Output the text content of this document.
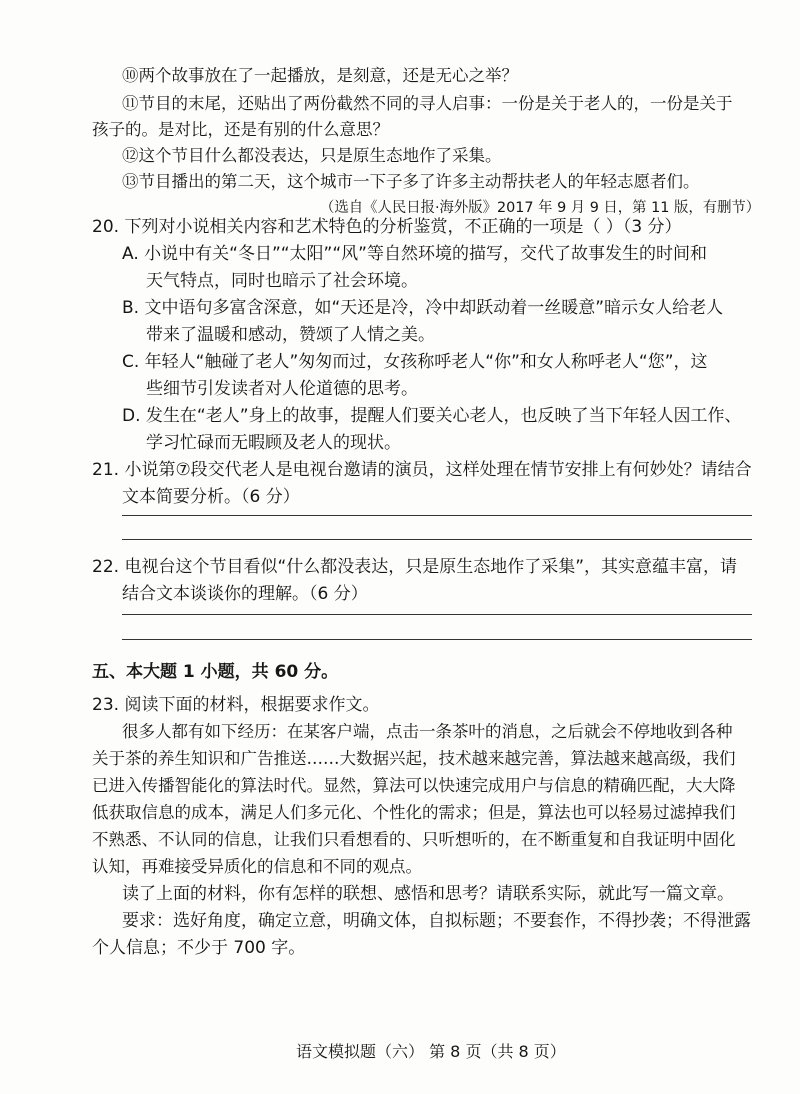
⑩两个故事放在了一起播放，是刻意，还是无心之举？
⑪节目的末尾，还贴出了两份截然不同的寻人启事：一份是关于老人的，一份是关于
孩子的。是对比，还是有别的什么意思？
⑫这个节目什么都没表达，只是原生态地作了采集。
⑬节目播出的第二天，这个城市一下子多了许多主动帮扶老人的年轻志愿者们。
（选自《人民日报·海外版》2017 年 9 月 9 日，第 11 版，有删节）
20. 下列对小说相关内容和艺术特色的分析鉴赏，不正确的一项是（ ）（3 分）
A. 小说中有关“冬日”“太阳”“风”等自然环境的描写，交代了故事发生的时间和
天气特点，同时也暗示了社会环境。
B. 文中语句多富含深意，如“天还是冷，冷中却跃动着一丝暖意”暗示女人给老人
带来了温暖和感动，赞颂了人情之美。
C. 年轻人“触碰了老人”匆匆而过，女孩称呼老人“你”和女人称呼老人“您”，这
些细节引发读者对人伦道德的思考。
D. 发生在“老人”身上的故事，提醒人们要关心老人，也反映了当下年轻人因工作、
学习忙碌而无暇顾及老人的现状。
21. 小说第⑦段交代老人是电视台邀请的演员，这样处理在情节安排上有何妙处？请结合
文本简要分析。（6 分）
22. 电视台这个节目看似“什么都没表达，只是原生态地作了采集”，其实意蕴丰富，请
结合文本谈谈你的理解。（6 分）
五、本大题 1 小题，共 60 分。
23. 阅读下面的材料，根据要求作文。
很多人都有如下经历：在某客户端，点击一条茶叶的消息，之后就会不停地收到各种
关于茶的养生知识和广告推送……大数据兴起，技术越来越完善，算法越来越高级，我们
已进入传播智能化的算法时代。显然，算法可以快速完成用户与信息的精确匹配，大大降
低获取信息的成本，满足人们多元化、个性化的需求；但是，算法也可以轻易过滤掉我们
不熟悉、不认同的信息，让我们只看想看的、只听想听的，在不断重复和自我证明中固化
认知，再难接受异质化的信息和不同的观点。
读了上面的材料，你有怎样的联想、感悟和思考？请联系实际，就此写一篇文章。
要求：选好角度，确定立意，明确文体，自拟标题；不要套作，不得抄袭；不得泄露
个人信息；不少于 700 字。
语文模拟题（六） 第 8 页（共 8 页）
